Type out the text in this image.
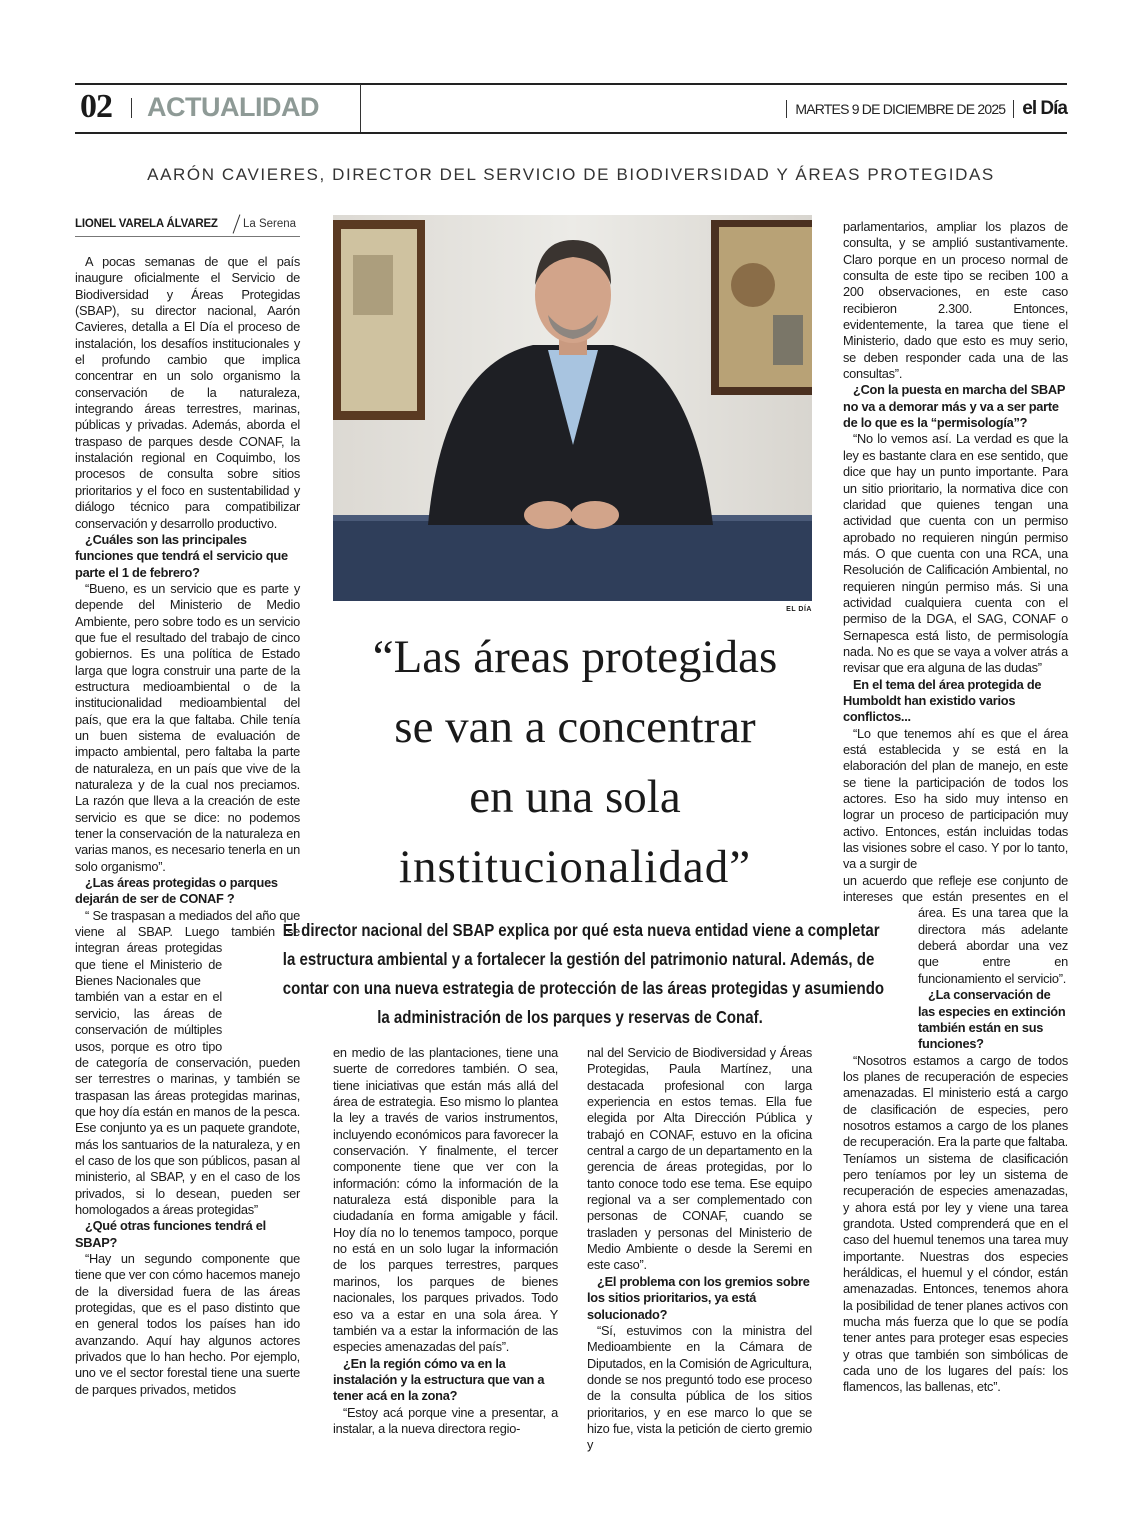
02 ACTUALIDAD	MARTES 9 DE DICIEMBRE DE 2025 el Día
AARÓN CAVIERES, DIRECTOR DEL SERVICIO DE BIODIVERSIDAD Y ÁREAS PROTEGIDAS
LIONEL VARELA ÁLVAREZ La Serena
EL DÍA
“Las áreas protegidas
se van a concentrar
en una sola
institucionalidad”
El director nacional del SBAP explica por qué esta nueva entidad viene a completar
la estructura ambiental y a fortalecer la gestión del patrimonio natural. Además, de
contar con una nueva estrategia de protección de las áreas protegidas y asumiendo
la administración de los parques y reservas de Conaf.

A pocas semanas de que el país inaugure oficialmente el Servicio de Biodiversidad y Áreas Protegidas (SBAP), su director nacional, Aarón Cavieres, detalla a El Día el proceso de instalación, los desafíos institucionales y el profundo cambio que implica concentrar en un solo organismo la conservación de la naturaleza, integrando áreas terrestres, marinas, públicas y privadas. Además, aborda el traspaso de parques desde CONAF, la instalación regional en Coquimbo, los procesos de consulta sobre sitios prioritarios y el foco en sustentabilidad y diálogo técnico para compatibilizar conservación y desarrollo productivo.

¿Cuáles son las principales funciones que tendrá el servicio que parte el 1 de febrero?

“Bueno, es un servicio que es parte y depende del Ministerio de Medio Ambiente, pero sobre todo es un servicio que fue el resultado del trabajo de cinco gobiernos. Es una política de Estado larga que logra construir una parte de la estructura medioambiental o de la institucionalidad medioambiental del país, que era la que faltaba. Chile tenía un buen sistema de evaluación de impacto ambiental, pero faltaba la parte de naturaleza, en un país que vive de la naturaleza y de la cual nos preciamos. La razón que lleva a la creación de este servicio es que se dice: no podemos tener la conservación de la naturaleza en varias manos, es necesario tenerla en un solo organismo”.

¿Las áreas protegidas o parques dejarán de ser de CONAF ?

“ Se traspasan a mediados del año que viene al SBAP. Luego también se integran áreas protegidas que tiene el Ministerio de Bienes Nacionales que

también van a estar en el servicio, las áreas de conservación de múltiples usos, porque es otro tipo de categoría de conservación, pueden ser terrestres o marinas, y también se traspasan las áreas protegidas marinas, que hoy día están en manos de la pesca. Ese conjunto ya es un paquete grandote, más los santuarios de la naturaleza, y en el caso de los que son públicos, pasan al ministerio, al SBAP, y en el caso de los privados, si lo desean, pueden ser homologados a áreas protegidas”

¿Qué otras funciones tendrá el SBAP?

“Hay un segundo componente que tiene que ver con cómo hacemos manejo de la diversidad fuera de las áreas protegidas, que es el paso distinto que en general todos los países han ido avanzando. Aquí hay algunos actores privados que lo han hecho. Por ejemplo, uno ve el sector forestal tiene una suerte de parques privados, metidos

en medio de las plantaciones, tiene una suerte de corredores también. O sea, tiene iniciativas que están más allá del área de estrategia. Eso mismo lo plantea la ley a través de varios instrumentos, incluyendo económicos para favorecer la conservación. Y finalmente, el tercer componente tiene que ver con la información: cómo la información de la naturaleza está disponible para la ciudadanía en forma amigable y fácil. Hoy día no lo tenemos tampoco, porque no está en un solo lugar la información de los parques terrestres, parques marinos, los parques de bienes nacionales, los parques privados. Todo eso va a estar en una sola área. Y también va a estar la información de las especies amenazadas del país”.

¿En la región cómo va en la instalación y la estructura que van a tener acá en la zona?

“Estoy acá porque vine a presentar, a instalar, a la nueva directora regio-

nal del Servicio de Biodiversidad y Áreas Protegidas, Paula Martínez, una destacada profesional con larga experiencia en estos temas. Ella fue elegida por Alta Dirección Pública y trabajó en CONAF, estuvo en la oficina central a cargo de un departamento en la gerencia de áreas protegidas, por lo tanto conoce todo ese tema. Ese equipo regional va a ser complementado con personas de CONAF, cuando se trasladen y personas del Ministerio de Medio Ambiente o desde la Seremi en este caso”.

¿El problema con los gremios sobre los sitios prioritarios, ya está solucionado?

“Sí, estuvimos con la ministra del Medioambiente en la Cámara de Diputados, en la Comisión de Agricultura, donde se nos preguntó todo ese proceso de la consulta pública de los sitios prioritarios, y en ese marco lo que se hizo fue, vista la petición de cierto gremio y

parlamentarios, ampliar los plazos de consulta, y se amplió sustantivamente. Claro porque en un proceso normal de consulta de este tipo se reciben 100 a 200 observaciones, en este caso recibieron 2.300. Entonces, evidentemente, la tarea que tiene el Ministerio, dado que esto es muy serio, se deben responder cada una de las consultas”.

¿Con la puesta en marcha del SBAP no va a demorar más y va a ser parte de lo que es la “permisología”?

“No lo vemos así. La verdad es que la ley es bastante clara en ese sentido, que dice que hay un punto importante. Para un sitio prioritario, la normativa dice con claridad que quienes tengan una actividad que cuenta con un permiso aprobado no requieren ningún permiso más. O que cuenta con una RCA, una Resolución de Calificación Ambiental, no requieren ningún permiso más. Si una actividad cualquiera cuenta con el permiso de la DGA, el SAG, CONAF o Sernapesca está listo, de permisología nada. No es que se vaya a volver atrás a revisar que era alguna de las dudas”

En el tema del área protegida de Humboldt han existido varios conflictos...

“Lo que tenemos ahí es que el área está establecida y se está en la elaboración del plan de manejo, en este se tiene la participación de todos los actores. Eso ha sido muy intenso en lograr un proceso de participación muy activo. Entonces, están incluidas todas las visiones sobre el caso. Y por lo tanto, va a surgir de

un acuerdo que refleje ese conjunto de intereses que están presentes en el área. Es una tarea que la directora más adelante deberá abordar una vez que entre en funcionamiento el servicio”.

¿La conservación de las especies en extinción también están en sus funciones?

“Nosotros estamos a cargo de todos los planes de recuperación de especies amenazadas. El ministerio está a cargo de clasificación de especies, pero nosotros estamos a cargo de los planes de recuperación. Era la parte que faltaba. Teníamos un sistema de clasificación pero teníamos por ley un sistema de recuperación de especies amenazadas, y ahora está por ley y viene una tarea grandota. Usted comprenderá que en el caso del huemul tenemos una tarea muy importante. Nuestras dos especies heráldicas, el huemul y el cóndor, están amenazadas. Entonces, tenemos ahora la posibilidad de tener planes activos con mucha más fuerza que lo que se podía tener antes para proteger esas especies y otras que también son simbólicas de cada uno de los lugares del país: los flamencos, las ballenas, etc”.
